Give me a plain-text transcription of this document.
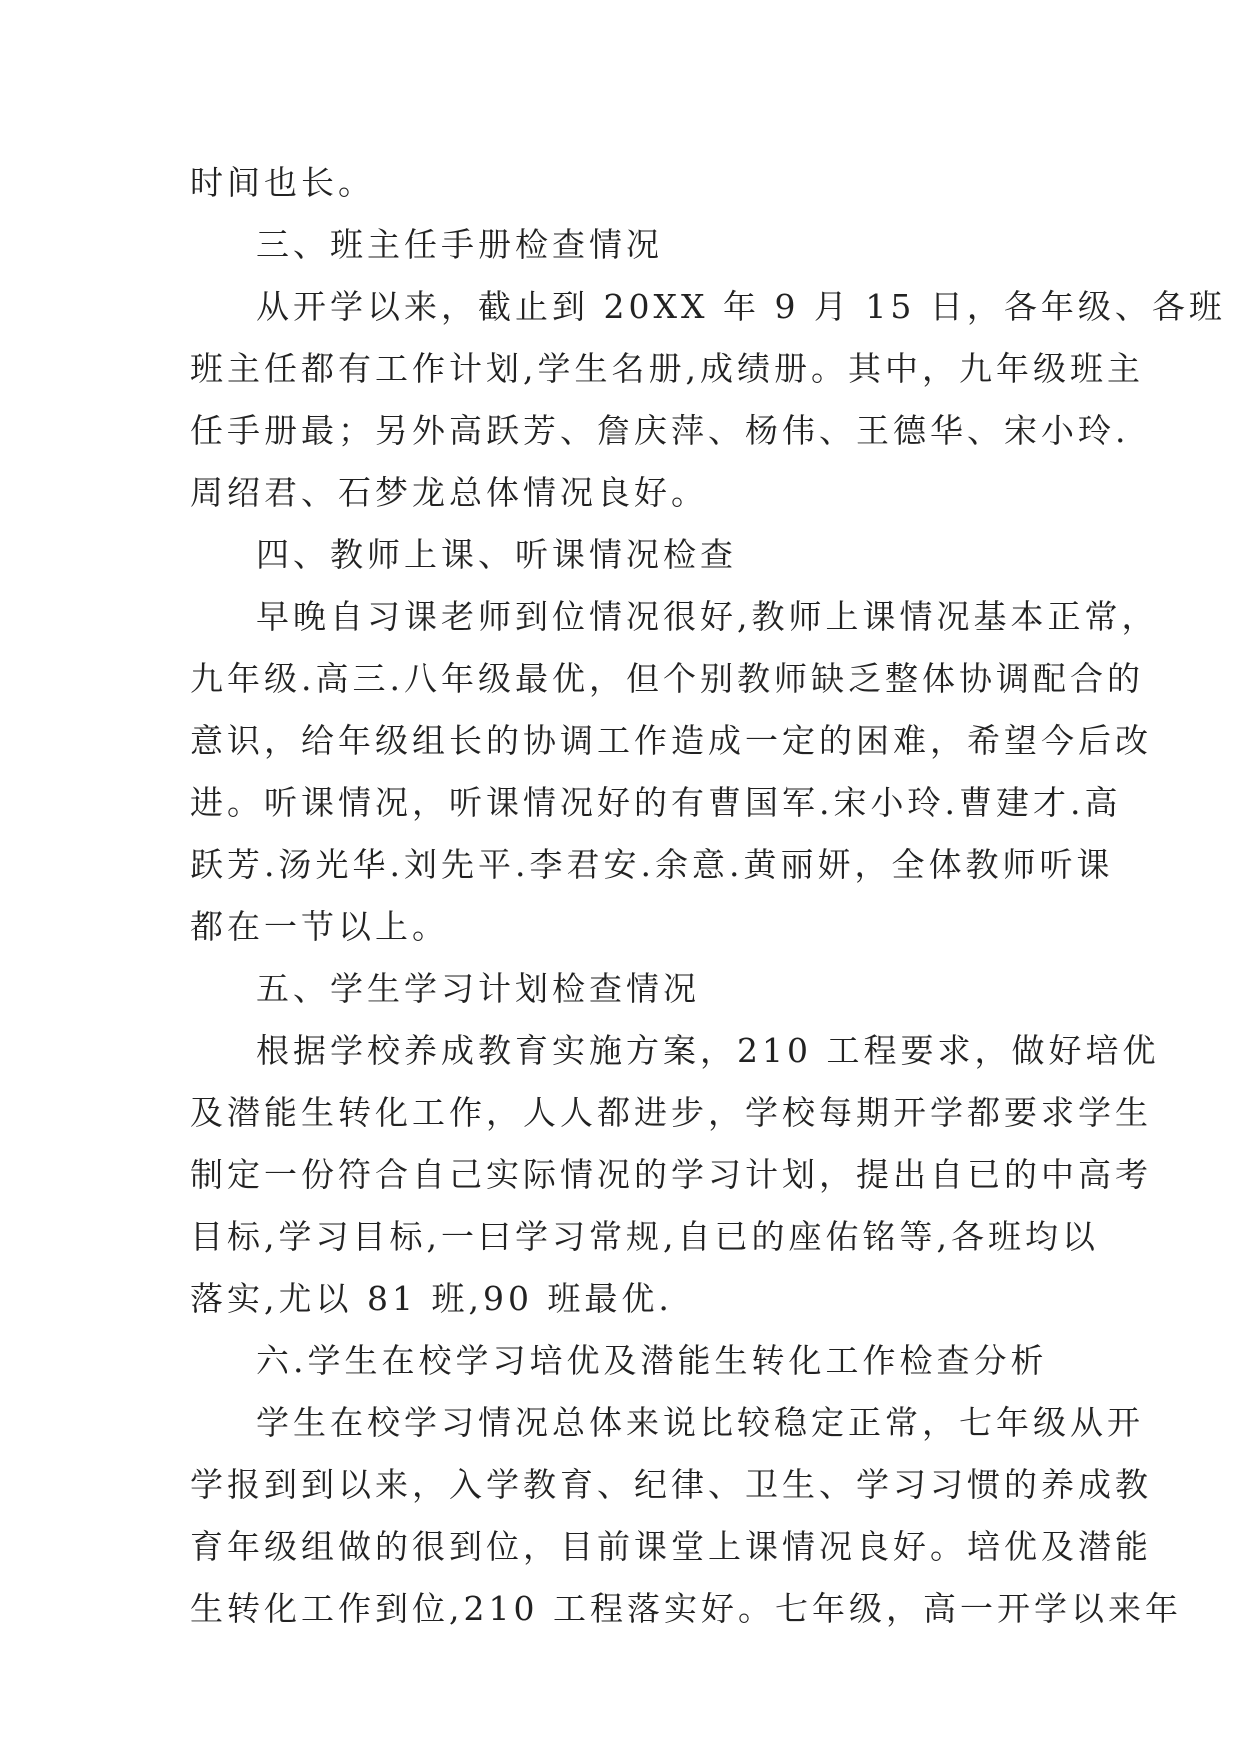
时间也长。
三、班主任手册检查情况
从开学以来，截止到 20XX 年 9 月 15 日，各年级、各班
班主任都有工作计划,学生名册,成绩册。其中，九年级班主
任手册最；另外高跃芳、詹庆萍、杨伟、王德华、宋小玲.
周绍君、石梦龙总体情况良好。
四、教师上课、听课情况检查
早晚自习课老师到位情况很好,教师上课情况基本正常，
九年级.高三.八年级最优，但个别教师缺乏整体协调配合的
意识，给年级组长的协调工作造成一定的困难，希望今后改
进。听课情况，听课情况好的有曹国军.宋小玲.曹建才.高
跃芳.汤光华.刘先平.李君安.余意.黄丽妍，全体教师听课
都在一节以上。
五、学生学习计划检查情况
根据学校养成教育实施方案，210 工程要求，做好培优
及潜能生转化工作，人人都进步，学校每期开学都要求学生
制定一份符合自己实际情况的学习计划，提出自已的中高考
目标,学习目标,一曰学习常规,自已的座佑铭等,各班均以
落实,尤以 81 班,90 班最优.
六.学生在校学习培优及潜能生转化工作检查分析
学生在校学习情况总体来说比较稳定正常，七年级从开
学报到到以来，入学教育、纪律、卫生、学习习惯的养成教
育年级组做的很到位，目前课堂上课情况良好。培优及潜能
生转化工作到位,210 工程落实好。七年级，高一开学以来年
